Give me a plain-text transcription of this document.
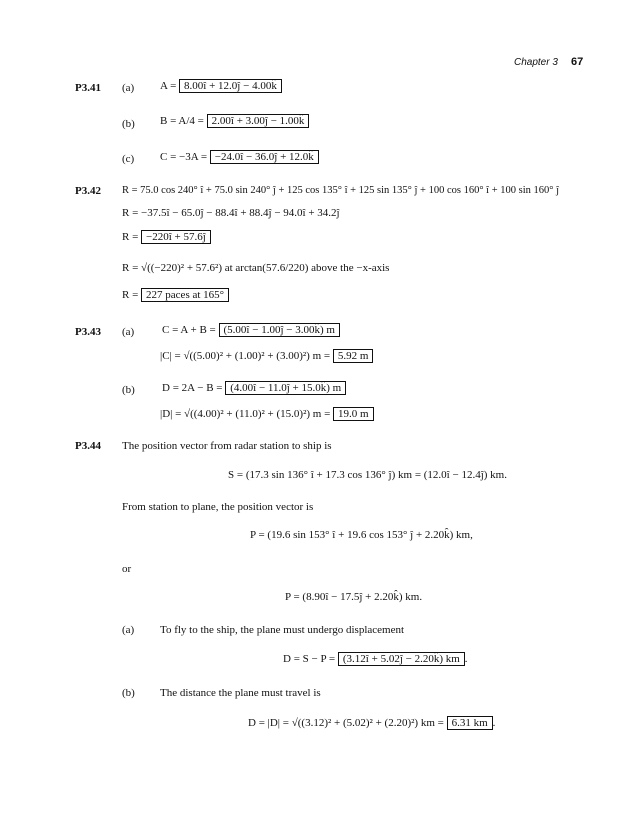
Chapter 3 67
P3.41 (a) A = 8.00î + 12.0ĵ − 4.00k̂
(b) B = A/4 = 2.00î + 3.00ĵ − 1.00k̂
(c) C = −3A = −24.0î − 36.0ĵ + 12.0k̂
P3.42 R = 75.0 cos 240° î + 75.0 sin 240° ĵ + 125 cos 135° î + 125 sin 135° ĵ + 100 cos 160° î + 100 sin 160° ĵ
R = −37.5î − 65.0ĵ − 88.4î + 88.4ĵ − 94.0î + 34.2ĵ
R = −220î + 57.6ĵ
R = √((−220)² + 57.6²) at arctan(57.6/220) above the −x-axis
R = 227 paces at 165°
P3.43 (a)	C = A + B = (5.00î − 1.00ĵ − 3.00k̂) m
|C| = √((5.00)² + (1.00)² + (3.00)²) m = 5.92 m
(b) D = 2A − B = (4.00î − 11.0ĵ + 15.0k̂) m
|D| = √((4.00)² + (11.0)² + (15.0)²) m = 19.0 m
P3.44 The position vector from radar station to ship is
S = (17.3 sin 136° î + 17.3 cos 136° ĵ) km = (12.0î − 12.4ĵ) km.
From station to plane, the position vector is
P = (19.6 sin 153° î + 19.6 cos 153° ĵ + 2.20k̂) km,
or
P = (8.90î − 17.5ĵ + 2.20k̂) km.
(a) To fly to the ship, the plane must undergo displacement
D = S − P = (3.12î + 5.02ĵ − 2.20k̂) km .
(b) The distance the plane must travel is
D = |D| = √((3.12)² + (5.02)² + (2.20)²) km = 6.31 km .
